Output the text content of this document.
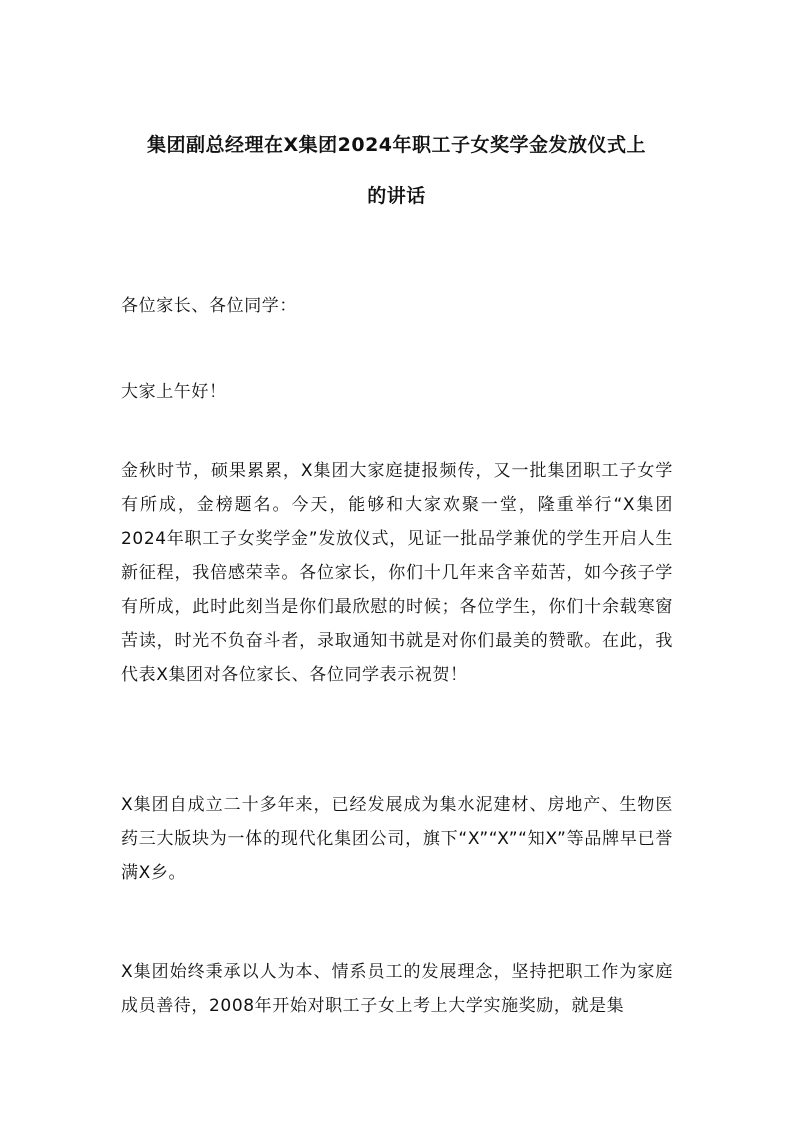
集团副总经理在X集团2024年职工子女奖学金发放仪式上
的讲话

各位家长、各位同学：

大家上午好！

金秋时节，硕果累累，X集团大家庭捷报频传，又一批集团职工子女学有所成，金榜题名。今天，能够和大家欢聚一堂，隆重举行“X集团2024年职工子女奖学金”发放仪式，见证一批品学兼优的学生开启人生新征程，我倍感荣幸。各位家长，你们十几年来含辛茹苦，如今孩子学有所成，此时此刻当是你们最欣慰的时候；各位学生，你们十余载寒窗苦读，时光不负奋斗者，录取通知书就是对你们最美的赞歌。在此，我代表X集团对各位家长、各位同学表示祝贺！

X集团自成立二十多年来，已经发展成为集水泥建材、房地产、生物医药三大版块为一体的现代化集团公司，旗下“X”“X”“知X”等品牌早已誉满X乡。

X集团始终秉承以人为本、情系员工的发展理念，坚持把职工作为家庭成员善待，2008年开始对职工子女上考上大学实施奖励，就是集
